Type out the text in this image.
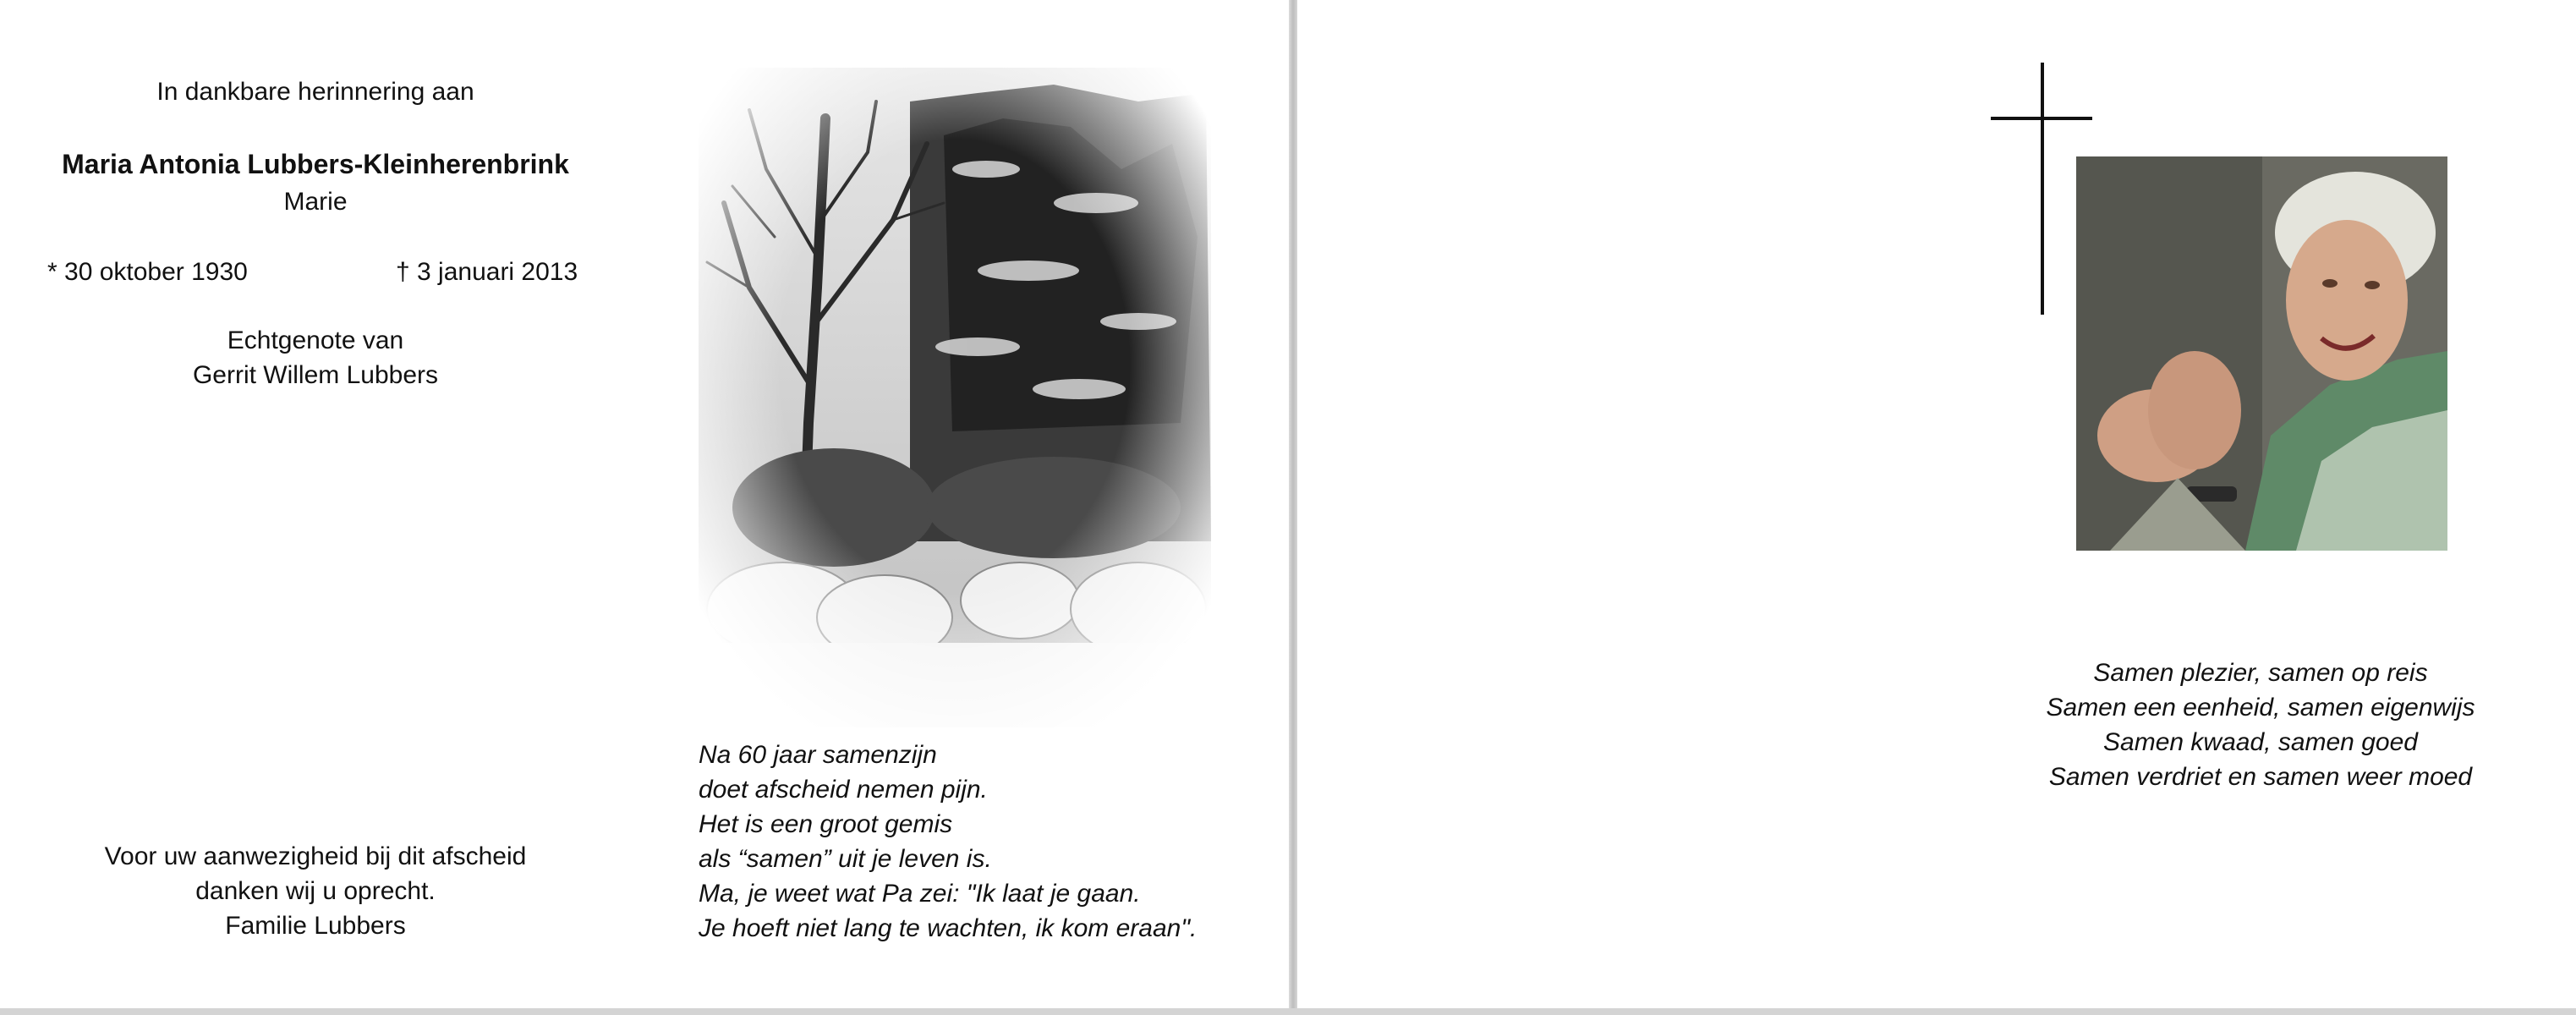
In dankbare herinnering aan
Maria Antonia Lubbers-Kleinherenbrink
Marie
* 30 oktober 1930	† 3 januari 2013
Echtgenote van
Gerrit Willem Lubbers
Voor uw aanwezigheid bij dit afscheid
danken wij u oprecht.
Familie Lubbers
Na 60 jaar samenzijn
doet afscheid nemen pijn.
Het is een groot gemis
als “samen” uit je leven is.
Ma, je weet wat Pa zei: "Ik laat je gaan.
Je hoeft niet lang te wachten, ik kom eraan".
Samen plezier, samen op reis
Samen een eenheid, samen eigenwijs
Samen kwaad, samen goed
Samen verdriet en samen weer moed
